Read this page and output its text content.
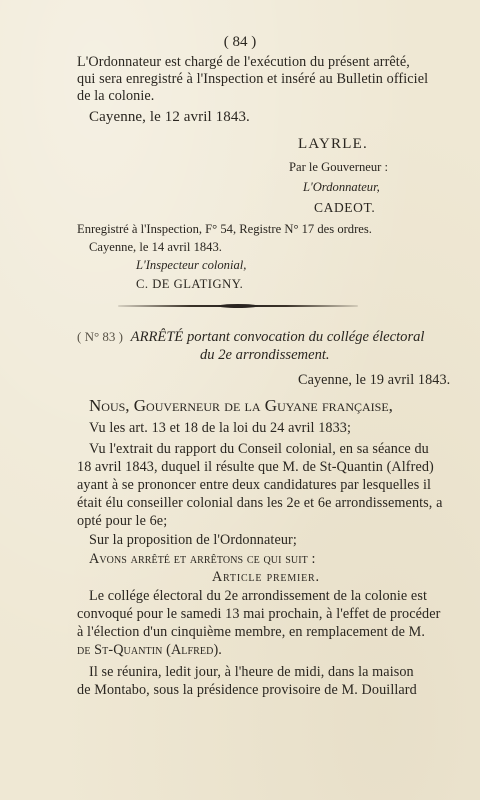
( 84 )
L'Ordonnateur est chargé de l'exécution du présent arrêté,
qui sera enregistré à l'Inspection et inséré au Bulletin officiel
de la colonie.
Cayenne, le 12 avril 1843.
LAYRLE.
Par le Gouverneur :
L'Ordonnateur,
CADEOT.
Enregistré à l'Inspection, F° 54, Registre N° 17 des ordres.
Cayenne, le 14 avril 1843.
L'Inspecteur colonial,
C. DE GLATIGNY.
( N° 83 ) ARRÊTÉ portant convocation du collége électoral
du 2e arrondissement.
Cayenne, le 19 avril 1843.
Nous, Gouverneur de la Guyane française,
Vu les art. 13 et 18 de la loi du 24 avril 1833;
Vu l'extrait du rapport du Conseil colonial, en sa séance du
18 avril 1843, duquel il résulte que M. de St-Quantin (Alfred)
ayant à se prononcer entre deux candidatures par lesquelles il
était élu conseiller colonial dans les 2e et 6e arrondissements, a
opté pour le 6e;
Sur la proposition de l'Ordonnateur;
Avons arrêté et arrêtons ce qui suit :
Article premier.
Le collége électoral du 2e arrondissement de la colonie est
convoqué pour le samedi 13 mai prochain, à l'effet de procéder
à l'élection d'un cinquième membre, en remplacement de M.
de St-Quantin (Alfred).
Il se réunira, ledit jour, à l'heure de midi, dans la maison
de Montabo, sous la présidence provisoire de M. Douillard
